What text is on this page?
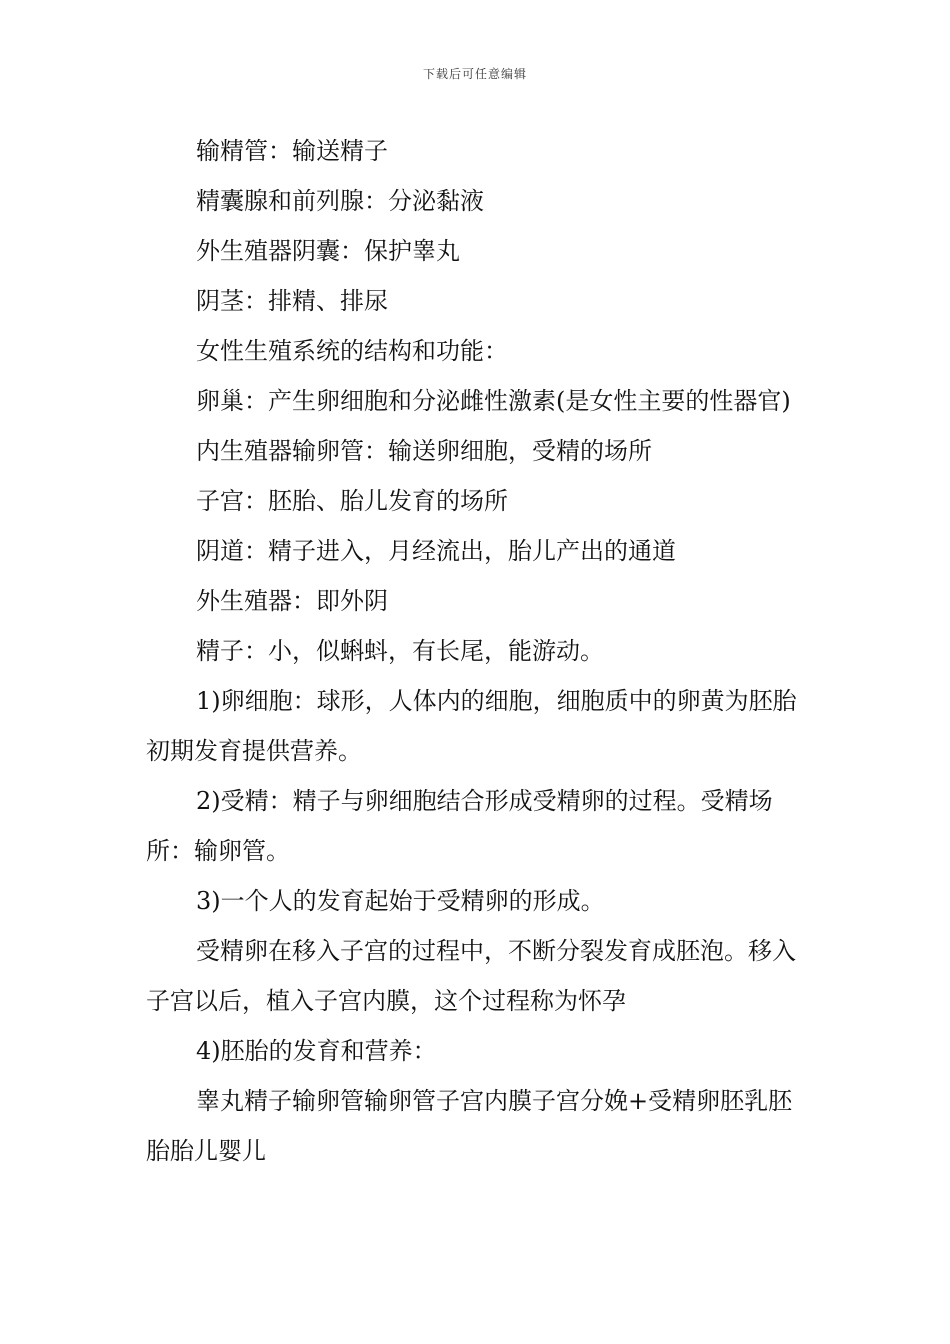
下载后可任意编辑

输精管：输送精子

精囊腺和前列腺：分泌黏液

外生殖器阴囊：保护睾丸

阴茎：排精、排尿

女性生殖系统的结构和功能：

卵巢：产生卵细胞和分泌雌性激素(是女性主要的性器官)

内生殖器输卵管：输送卵细胞，受精的场所

子宫：胚胎、胎儿发育的场所

阴道：精子进入，月经流出，胎儿产出的通道

外生殖器：即外阴

精子：小，似蝌蚪，有长尾，能游动。

1)卵细胞：球形，人体内的细胞，细胞质中的卵黄为胚胎初期发育提供营养。

2)受精：精子与卵细胞结合形成受精卵的过程。受精场所：输卵管。

3)一个人的发育起始于受精卵的形成。

受精卵在移入子宫的过程中，不断分裂发育成胚泡。移入子宫以后，植入子宫内膜，这个过程称为怀孕

4)胚胎的发育和营养：

睾丸精子输卵管输卵管子宫内膜子宫分娩+受精卵胚乳胚胎胎儿婴儿
